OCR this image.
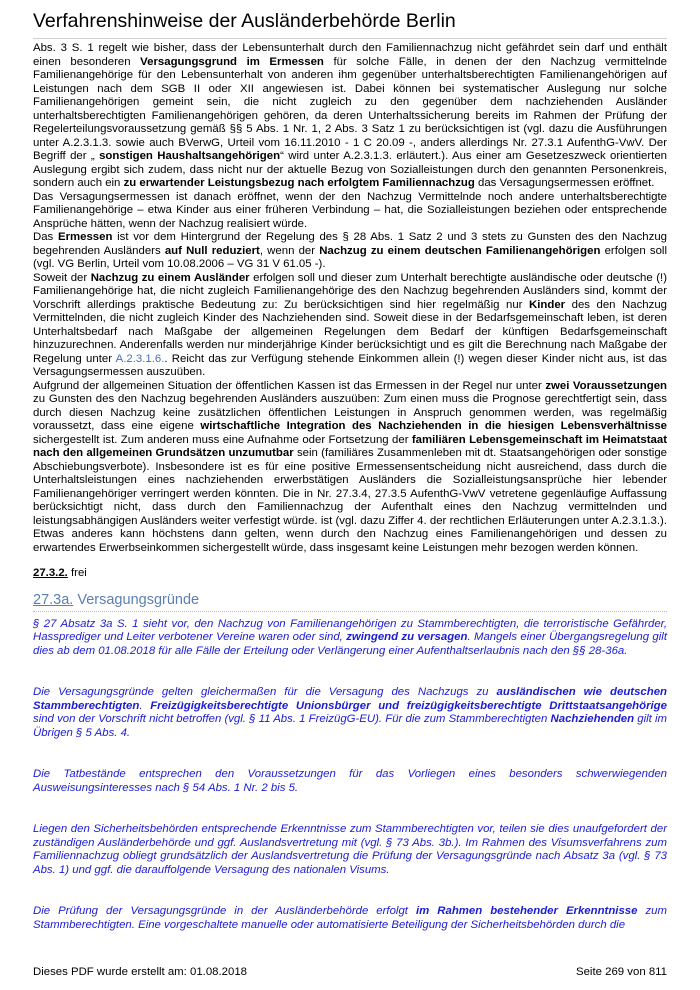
Verfahrenshinweise der Ausländerbehörde Berlin

Abs. 3 S. 1 regelt wie bisher, dass der Lebensunterhalt durch den Familiennachzug nicht gefährdet sein darf und enthält einen besonderen Versagungsgrund im Ermessen für solche Fälle, in denen der den Nachzug vermittelnde Familienangehörige für den Lebensunterhalt von anderen ihm gegenüber unterhaltsberechtigten Familienangehörigen auf Leistungen nach dem SGB II oder XII angewiesen ist. Dabei können bei systematischer Auslegung nur solche Familienangehörigen gemeint sein, die nicht zugleich zu den gegenüber dem nachziehenden Ausländer unterhaltsberechtigten Familienangehörigen gehören, da deren Unterhaltssicherung bereits im Rahmen der Prüfung der Regelerteilungsvoraussetzung gemäß §§ 5 Abs. 1 Nr. 1, 2 Abs. 3 Satz 1 zu berücksichtigen ist (vgl. dazu die Ausführungen unter A.2.3.1.3. sowie auch BVerwG, Urteil vom 16.11.2010 - 1 C 20.09 -, anders allerdings Nr. 27.3.1 AufenthG-VwV. Der Begriff der „ sonstigen Haushaltsangehörigen“ wird unter A.2.3.1.3. erläutert.). Aus einer am Gesetzeszweck orientierten Auslegung ergibt sich zudem, dass nicht nur der aktuelle Bezug von Sozialleistungen durch den genannten Personenkreis, sondern auch ein zu erwartender Leistungsbezug nach erfolgtem Familiennachzug das Versagungsermessen eröffnet.

Das Versagungsermessen ist danach eröffnet, wenn der den Nachzug Vermittelnde noch andere unterhaltsberechtigte Familienangehörige – etwa Kinder aus einer früheren Verbindung – hat, die Sozialleistungen beziehen oder entsprechende Ansprüche hätten, wenn der Nachzug realisiert würde.

Das Ermessen ist vor dem Hintergrund der Regelung des § 28 Abs. 1 Satz 2 und 3 stets zu Gunsten des den Nachzug begehrenden Ausländers auf Null reduziert, wenn der Nachzug zu einem deutschen Familienangehörigen erfolgen soll (vgl. VG Berlin, Urteil vom 10.08.2006 – VG 31 V 61.05 -).

Soweit der Nachzug zu einem Ausländer erfolgen soll und dieser zum Unterhalt berechtigte ausländische oder deutsche (!) Familienangehörige hat, die nicht zugleich Familienangehörige des den Nachzug begehrenden Ausländers sind, kommt der Vorschrift allerdings praktische Bedeutung zu: Zu berücksichtigen sind hier regelmäßig nur Kinder des den Nachzug Vermittelnden, die nicht zugleich Kinder des Nachziehenden sind. Soweit diese in der Bedarfsgemeinschaft leben, ist deren Unterhaltsbedarf nach Maßgabe der allgemeinen Regelungen dem Bedarf der künftigen Bedarfsgemeinschaft hinzuzurechnen. Anderenfalls werden nur minderjährige Kinder berücksichtigt und es gilt die Berechnung nach Maßgabe der Regelung unter A.2.3.1.6.. Reicht das zur Verfügung stehende Einkommen allein (!) wegen dieser Kinder nicht aus, ist das Versagungsermessen auszuüben.

Aufgrund der allgemeinen Situation der öffentlichen Kassen ist das Ermessen in der Regel nur unter zwei Voraussetzungen zu Gunsten des den Nachzug begehrenden Ausländers auszuüben: Zum einen muss die Prognose gerechtfertigt sein, dass durch diesen Nachzug keine zusätzlichen öffentlichen Leistungen in Anspruch genommen werden, was regelmäßig voraussetzt, dass eine eigene wirtschaftliche Integration des Nachziehenden in die hiesigen Lebensverhältnisse sichergestellt ist. Zum anderen muss eine Aufnahme oder Fortsetzung der familiären Lebensgemeinschaft im Heimatstaat nach den allgemeinen Grundsätzen unzumutbar sein (familiäres Zusammenleben mit dt. Staatsangehörigen oder sonstige Abschiebungsverbote). Insbesondere ist es für eine positive Ermessensentscheidung nicht ausreichend, dass durch die Unterhaltsleistungen eines nachziehenden erwerbstätigen Ausländers die Sozialleistungsansprüche hier lebender Familienangehöriger verringert werden könnten. Die in Nr. 27.3.4, 27.3.5 AufenthG-VwV vetretene gegenläufige Auffassung berücksichtigt nicht, dass durch den Familiennachzug der Aufenthalt eines den Nachzug vermittelnden und leistungsabhängigen Ausländers weiter verfestigt würde. ist (vgl. dazu Ziffer 4. der rechtlichen Erläuterungen unter A.2.3.1.3.). Etwas anderes kann höchstens dann gelten, wenn durch den Nachzug eines Familienangehörigen und dessen zu erwartendes Erwerbseinkommen sichergestellt würde, dass insgesamt keine Leistungen mehr bezogen werden können.

27.3.2. frei
27.3a. Versagungsgründe

§ 27 Absatz 3a S. 1 sieht vor, den Nachzug von Familienangehörigen zu Stammberechtigten, die terroristische Gefährder, Hassprediger und Leiter verbotener Vereine waren oder sind, zwingend zu versagen. Mangels einer Übergangsregelung gilt dies ab dem 01.08.2018 für alle Fälle der Erteilung oder Verlängerung einer Aufenthaltserlaubnis nach den §§ 28-36a.

Die Versagungsgründe gelten gleichermaßen für die Versagung des Nachzugs zu ausländischen wie deutschen Stammberechtigten. Freizügigkeitsberechtigte Unionsbürger und freizügigkeitsberechtigte Drittstaatsangehörige sind von der Vorschrift nicht betroffen (vgl. § 11 Abs. 1 FreizügG-EU). Für die zum Stammberechtigten Nachziehenden gilt im Übrigen § 5 Abs. 4.

Die Tatbestände entsprechen den Voraussetzungen für das Vorliegen eines besonders schwerwiegenden Ausweisungsinteresses nach § 54 Abs. 1 Nr. 2 bis 5.

Liegen den Sicherheitsbehörden entsprechende Erkenntnisse zum Stammberechtigten vor, teilen sie dies unaufgefordert der zuständigen Ausländerbehörde und ggf. Auslandsvertretung mit (vgl. § 73 Abs. 3b.). Im Rahmen des Visumsverfahrens zum Familiennachzug obliegt grundsätzlich der Auslandsvertretung die Prüfung der Versagungsgründe nach Absatz 3a (vgl. § 73 Abs. 1) und ggf. die darauffolgende Versagung des nationalen Visums.

Die Prüfung der Versagungsgründe in der Ausländerbehörde erfolgt im Rahmen bestehender Erkenntnisse zum Stammberechtigten. Eine vorgeschaltete manuelle oder automatisierte Beteiligung der Sicherheitsbehörden durch die

Dieses PDF wurde erstellt am: 01.08.2018	Seite 269 von 811
